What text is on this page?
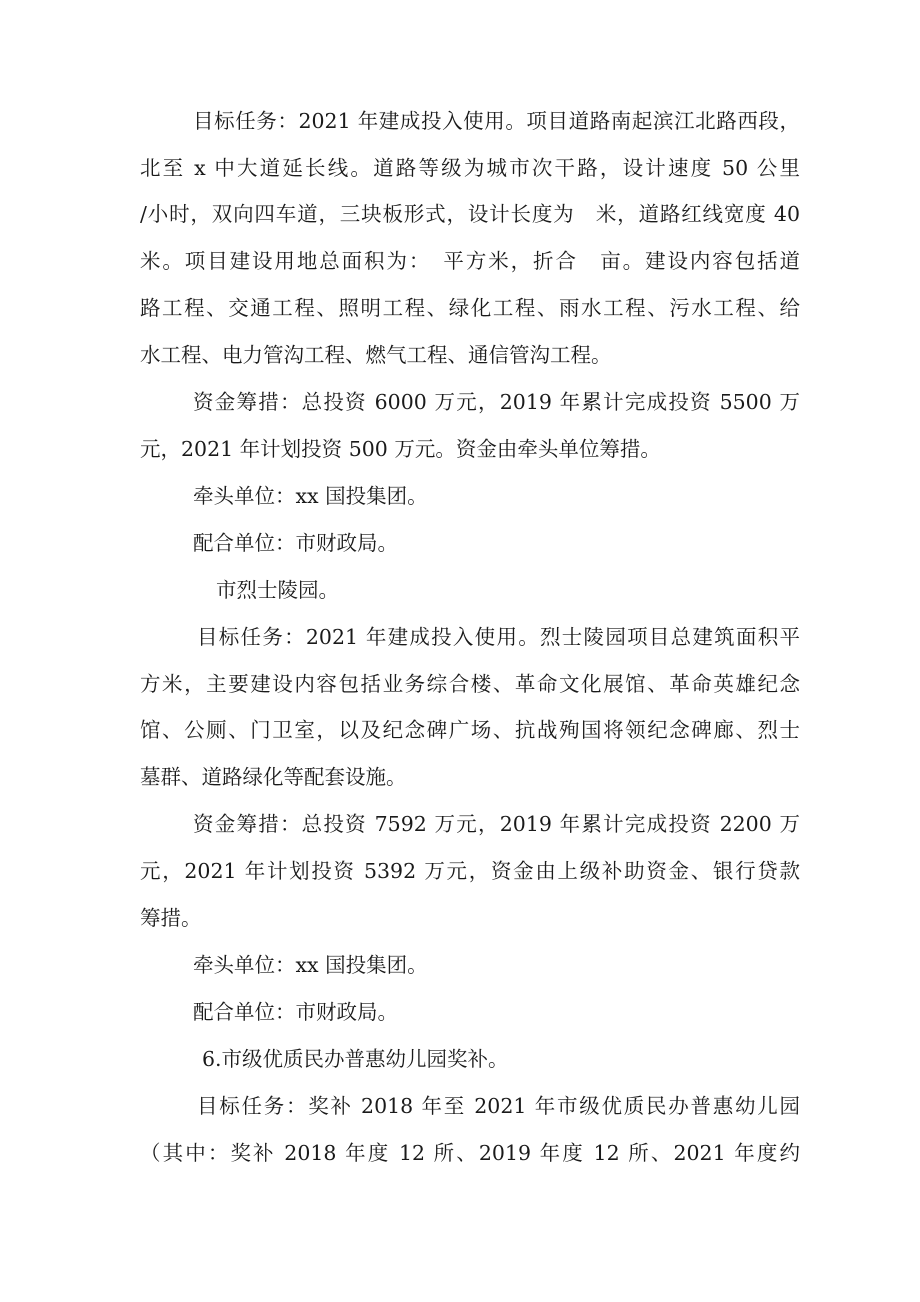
目标任务：2021 年建成投入使用。项目道路南起滨江北路西段，
北至 x 中大道延长线。道路等级为城市次干路，设计速度 50 公里
/小时，双向四车道，三块板形式，设计长度为　米，道路红线宽度 40
米。项目建设用地总面积为：　平方米，折合　亩。建设内容包括道
路工程、交通工程、照明工程、绿化工程、雨水工程、污水工程、给
水工程、电力管沟工程、燃气工程、通信管沟工程。
资金筹措：总投资 6000 万元，2019 年累计完成投资 5500 万
元，2021 年计划投资 500 万元。资金由牵头单位筹措。
牵头单位：xx 国投集团。
配合单位：市财政局。
市烈士陵园。
目标任务：2021 年建成投入使用。烈士陵园项目总建筑面积平
方米，主要建设内容包括业务综合楼、革命文化展馆、革命英雄纪念
馆、公厕、门卫室，以及纪念碑广场、抗战殉国将领纪念碑廊、烈士
墓群、道路绿化等配套设施。
资金筹措：总投资 7592 万元，2019 年累计完成投资 2200 万
元，2021 年计划投资 5392 万元，资金由上级补助资金、银行贷款
筹措。
牵头单位：xx 国投集团。
配合单位：市财政局。
6.市级优质民办普惠幼儿园奖补。
目标任务：奖补 2018 年至 2021 年市级优质民办普惠幼儿园
（其中：奖补 2018 年度 12 所、2019 年度 12 所、2021 年度约
